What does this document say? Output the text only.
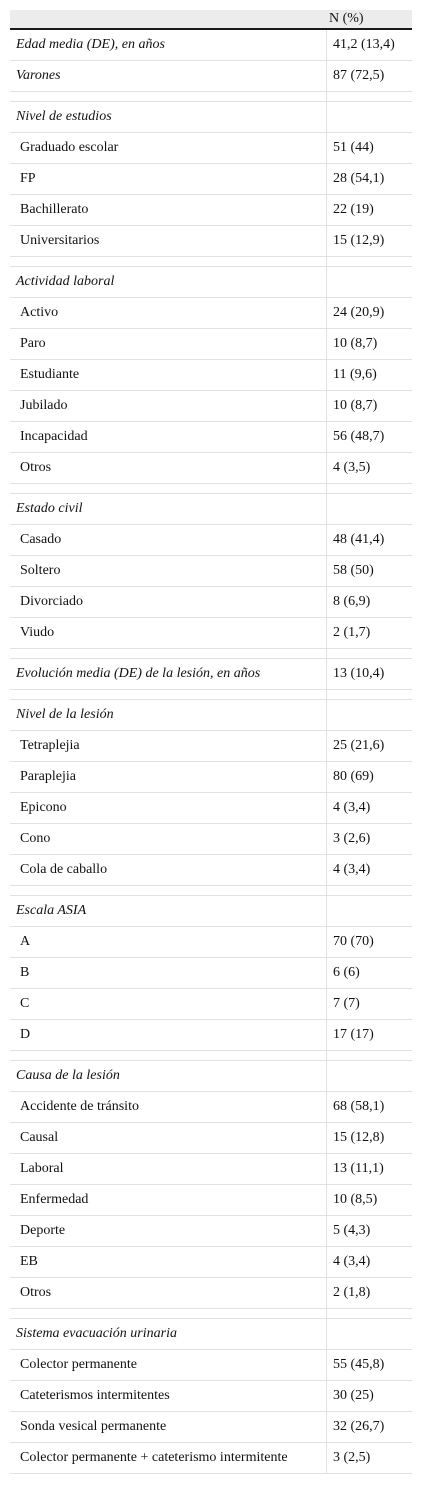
N (%)
Edad media (DE), en años	41,2 (13,4)
Varones	87 (72,5)
Nivel de estudios
Graduado escolar	51 (44)
FP	28 (54,1)
Bachillerato	22 (19)
Universitarios	15 (12,9)
Actividad laboral
Activo	24 (20,9)
Paro	10 (8,7)
Estudiante	11 (9,6)
Jubilado	10 (8,7)
Incapacidad	56 (48,7)
Otros	4 (3,5)
Estado civil
Casado	48 (41,4)
Soltero	58 (50)
Divorciado	8 (6,9)
Viudo	2 (1,7)
Evolución media (DE) de la lesión, en años	13 (10,4)
Nivel de la lesión
Tetraplejia	25 (21,6)
Paraplejia	80 (69)
Epicono	4 (3,4)
Cono	3 (2,6)
Cola de caballo	4 (3,4)
Escala ASIA
A	70 (70)
B	6 (6)
C	7 (7)
D	17 (17)
Causa de la lesión
Accidente de tránsito	68 (58,1)
Causal	15 (12,8)
Laboral	13 (11,1)
Enfermedad	10 (8,5)
Deporte	5 (4,3)
EB	4 (3,4)
Otros	2 (1,8)
Sistema evacuación urinaria
Colector permanente	55 (45,8)
Cateterismos intermitentes	30 (25)
Sonda vesical permanente	32 (26,7)
Colector permanente + cateterismo intermitente	3 (2,5)
